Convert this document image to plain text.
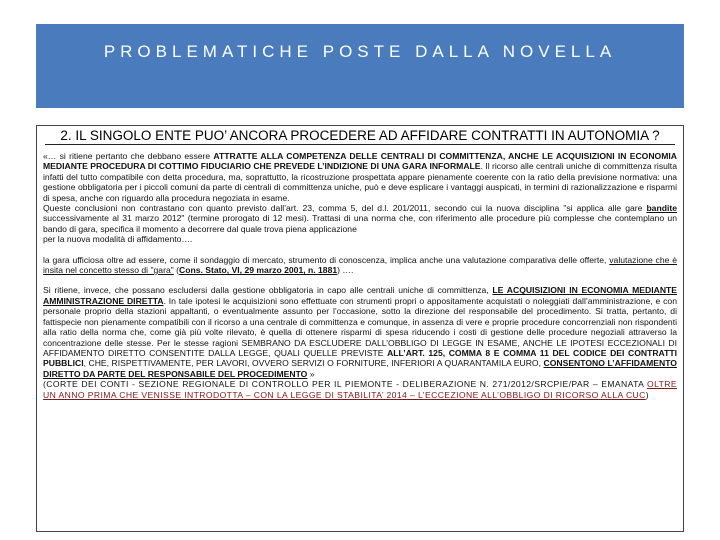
PROBLEMATICHE POSTE DALLA NOVELLA
2. IL SINGOLO ENTE PUO’ ANCORA PROCEDERE AD AFFIDARE CONTRATTI IN AUTONOMIA ?

«… si ritiene pertanto che debbano essere ATTRATTE ALLA COMPETENZA DELLE CENTRALI DI COMMITTENZA, ANCHE LE ACQUISIZIONI IN ECONOMIA MEDIANTE PROCEDURA DI COTTIMO FIDUCIARIO CHE PREVEDE L’INDIZIONE DI UNA GARA INFORMALE. Il ricorso alle centrali uniche di committenza risulta infatti del tutto compatibile con detta procedura, ma, soprattutto, la ricostruzione prospettata appare pienamente coerente con la ratio della previsione normativa: una gestione obbligatoria per i piccoli comuni da parte di centrali di committenza uniche, può e deve esplicare i vantaggi auspicati, in termini di razionalizzazione e risparmi di spesa, anche con riguardo alla procedura negoziata in esame.

Queste conclusioni non contrastano con quanto previsto dall’art. 23, comma 5, del d.l. 201/2011, secondo cui la nuova disciplina "si applica alle gare bandite successivamente al 31 marzo 2012" (termine prorogato di 12 mesi). Trattasi di una norma che, con riferimento alle procedure più complesse che contemplano un bando di gara, specifica il momento a decorrere dal quale trova piena applicazione

per la nuova modalità di affidamento….

la gara ufficiosa oltre ad essere, come il sondaggio di mercato, strumento di conoscenza, implica anche una valutazione comparativa delle offerte, valutazione che è insita nel concetto stesso di "gara" (Cons. Stato, VI, 29 marzo 2001, n. 1881) ….

Si ritiene, invece, che possano escludersi dalla gestione obbligatoria in capo alle centrali uniche di committenza, LE ACQUISIZIONI IN ECONOMIA MEDIANTE AMMINISTRAZIONE DIRETTA. In tale ipotesi le acquisizioni sono effettuate con strumenti propri o appositamente acquistati o noleggiati dall’amministrazione, e con personale proprio della stazioni appaltanti, o eventualmente assunto per l’occasione, sotto la direzione del responsabile del procedimento. Si tratta, pertanto, di fattispecie non pienamente compatibili con il ricorso a una centrale di committenza e comunque, in assenza di vere e proprie procedure concorrenziali non rispondenti alla ratio della norma che, come già più volte rilevato, è quella di ottenere risparmi di spesa riducendo i costi di gestione delle procedure negoziali attraverso la concentrazione delle stesse. Per le stesse ragioni SEMBRANO DA ESCLUDERE DALL’OBBLIGO DI LEGGE IN ESAME, ANCHE LE IPOTESI ECCEZIONALI DI AFFIDAMENTO DIRETTO CONSENTITE DALLA LEGGE, QUALI QUELLE PREVISTE ALL’ART. 125, COMMA 8 E COMMA 11 DEL CODICE DEI CONTRATTI PUBBLICI, CHE, RISPETTIVAMENTE, PER LAVORI, OVVERO SERVIZI O FORNITURE, INFERIORI A QUARANTAMILA EURO, CONSENTONO L’AFFIDAMENTO DIRETTO DA PARTE DEL RESPONSABILE DEL PROCEDIMENTO »

(CORTE DEI CONTI - SEZIONE REGIONALE DI CONTROLLO PER IL PIEMONTE - DELIBERAZIONE N. 271/2012/SRCPIE/PAR – EMANATA OLTRE UN ANNO PRIMA CHE VENISSE INTRODOTTA – CON LA LEGGE DI STABILITA’ 2014 – L’ECCEZIONE ALL’OBBLIGO DI RICORSO ALLA CUC)
